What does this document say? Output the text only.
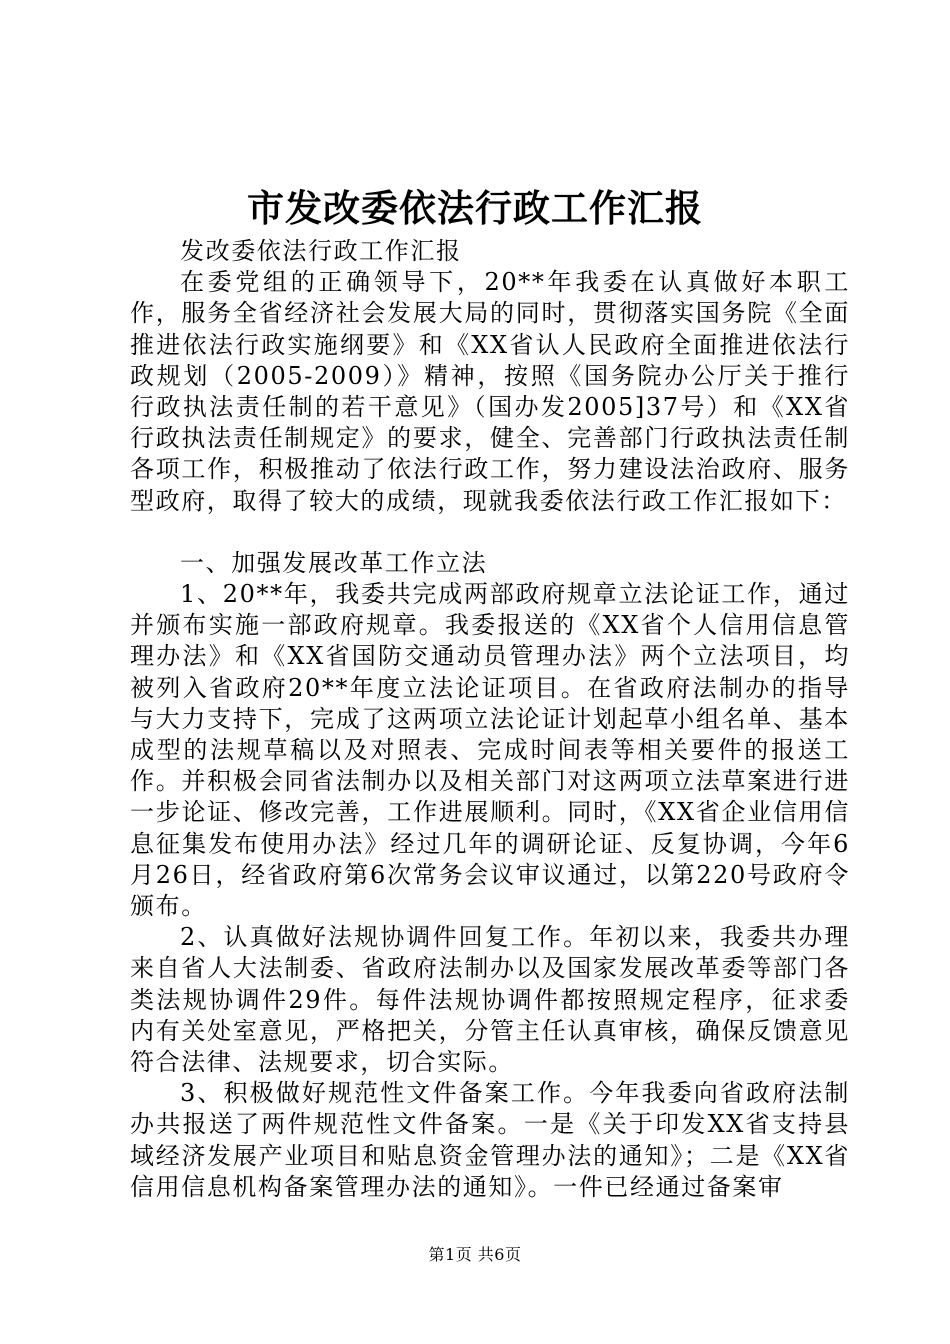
市发改委依法行政工作汇报

发改委依法行政工作汇报

在委党组的正确领导下，20**年我委在认真做好本职工作，服务全省经济社会发展大局的同时，贯彻落实国务院《全面推进依法行政实施纲要》和《XX省认人民政府全面推进依法行政规划（2005-2009）》精神，按照《国务院办公厅关于推行行政执法责任制的若干意见》（国办发2005]37号）和《XX省行政执法责任制规定》的要求，健全、完善部门行政执法责任制各项工作，积极推动了依法行政工作，努力建设法治政府、服务型政府，取得了较大的成绩，现就我委依法行政工作汇报如下：

一、加强发展改革工作立法

1、20**年，我委共完成两部政府规章立法论证工作，通过并颁布实施一部政府规章。我委报送的《XX省个人信用信息管理办法》和《XX省国防交通动员管理办法》两个立法项目，均被列入省政府20**年度立法论证项目。在省政府法制办的指导与大力支持下，完成了这两项立法论证计划起草小组名单、基本成型的法规草稿以及对照表、完成时间表等相关要件的报送工作。并积极会同省法制办以及相关部门对这两项立法草案进行进一步论证、修改完善，工作进展顺利。同时，《XX省企业信用信息征集发布使用办法》经过几年的调研论证、反复协调，今年6月26日，经省政府第6次常务会议审议通过，以第220号政府令颁布。

2、认真做好法规协调件回复工作。年初以来，我委共办理来自省人大法制委、省政府法制办以及国家发展改革委等部门各类法规协调件29件。每件法规协调件都按照规定程序，征求委内有关处室意见，严格把关，分管主任认真审核，确保反馈意见符合法律、法规要求，切合实际。

3、积极做好规范性文件备案工作。今年我委向省政府法制办共报送了两件规范性文件备案。一是《关于印发XX省支持县域经济发展产业项目和贴息资金管理办法的通知》；二是《XX省信用信息机构备案管理办法的通知》。一件已经通过备案审

第1页 共6页
